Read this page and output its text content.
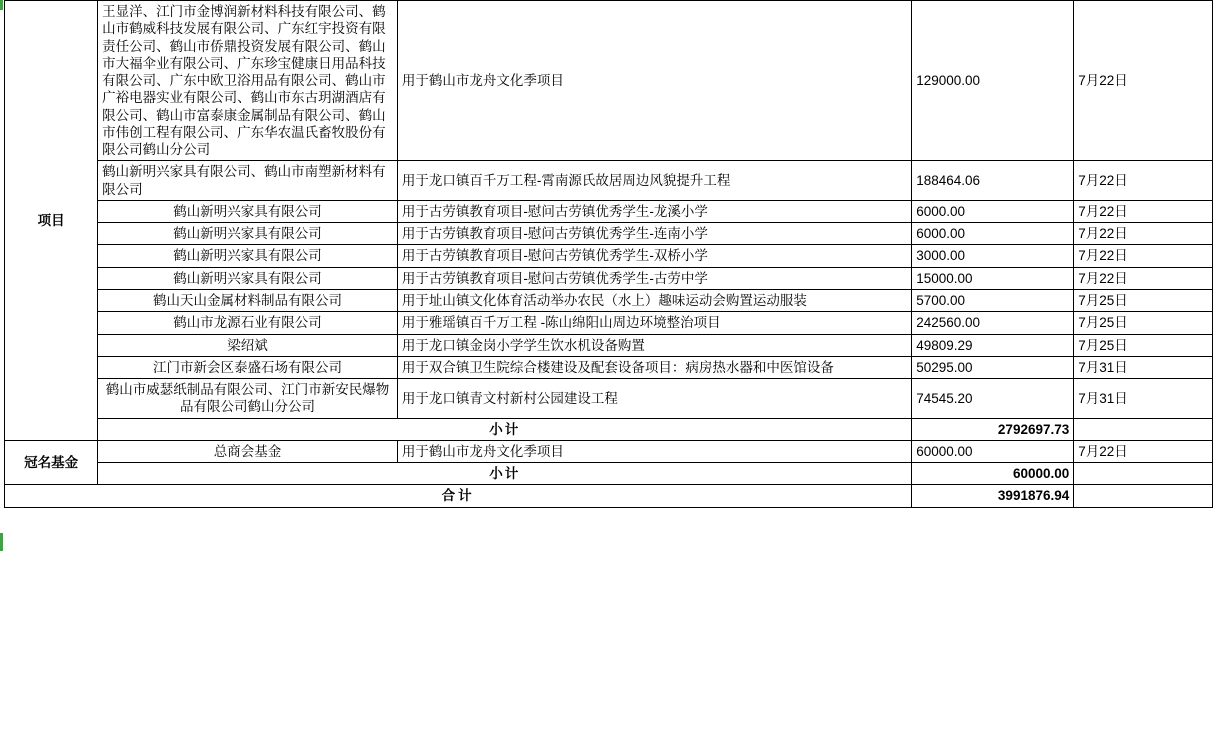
项目	王显洋、江门市金博润新材料科技有限公司、鹤山市鹤威科技发展有限公司、广东红宇投资有限责任公司、鹤山市侨鼎投资发展有限公司、鹤山市大福伞业有限公司、广东珍宝健康日用品科技有限公司、广东中欧卫浴用品有限公司、鹤山市广裕电器实业有限公司、鹤山市东古玥湖酒店有限公司、鹤山市富泰康金属制品有限公司、鹤山市伟创工程有限公司、广东华农温氏畜牧股份有限公司鹤山分公司	用于鹤山市龙舟文化季项目	129000.00	7月22日
	鹤山新明兴家具有限公司、鹤山市南塑新材料有限公司	用于龙口镇百千万工程-霄南源氏故居周边风貌提升工程	188464.06	7月22日
	鹤山新明兴家具有限公司	用于古劳镇教育项目-慰问古劳镇优秀学生-龙溪小学	6000.00	7月22日
	鹤山新明兴家具有限公司	用于古劳镇教育项目-慰问古劳镇优秀学生-连南小学	6000.00	7月22日
	鹤山新明兴家具有限公司	用于古劳镇教育项目-慰问古劳镇优秀学生-双桥小学	3000.00	7月22日
	鹤山新明兴家具有限公司	用于古劳镇教育项目-慰问古劳镇优秀学生-古劳中学	15000.00	7月22日
	鹤山天山金属材料制品有限公司	用于址山镇文化体育活动举办农民（水上）趣味运动会购置运动服装	5700.00	7月25日
	鹤山市龙源石业有限公司	用于雅瑶镇百千万工程 -陈山绵阳山周边环境整治项目	242560.00	7月25日
	梁绍斌	用于龙口镇金岗小学学生饮水机设备购置	49809.29	7月25日
	江门市新会区泰盛石场有限公司	用于双合镇卫生院综合楼建设及配套设备项目：病房热水器和中医馆设备	50295.00	7月31日
	鹤山市威瑟纸制品有限公司、江门市新安民爆物品有限公司鹤山分公司	用于龙口镇青文村新村公园建设工程	74545.20	7月31日
	小计		2792697.73	
冠名基金	总商会基金	用于鹤山市龙舟文化季项目	60000.00	7月22日
	小计		60000.00	
合计			3991876.94	
